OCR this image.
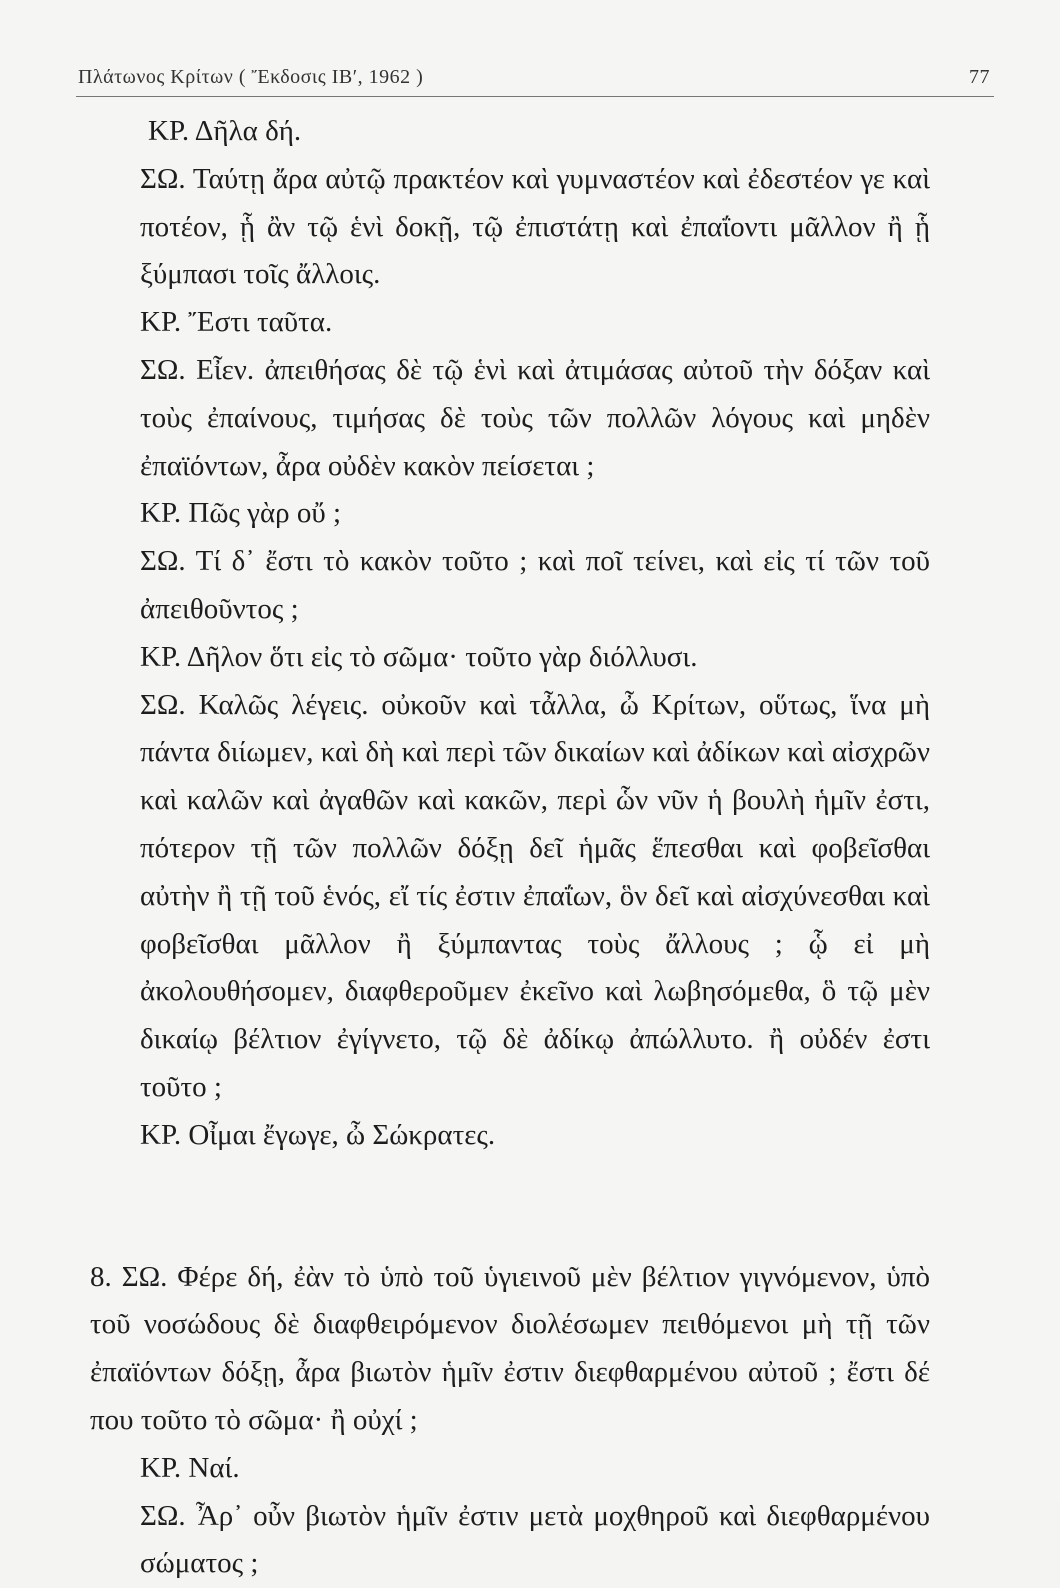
Πλάτωνος Κρίτων ( Ἔκδοσις ΙΒ′, 1962 )	77
ΚΡ. Δῆλα δή.
ΣΩ. Ταύτῃ ἄρα αὐτῷ πρακτέον καὶ γυμναστέον καὶ ἐδεστέον γε καὶ ποτέον, ᾗ ἂν τῷ ἑνὶ δοκῇ, τῷ ἐπιστάτῃ καὶ ἐπαΐοντι μᾶλλον ἢ ᾗ ξύμπασι τοῖς ἄλλοις.
ΚΡ. Ἔστι ταῦτα.
ΣΩ. Εἶεν. ἀπειθήσας δὲ τῷ ἑνὶ καὶ ἀτιμάσας αὐτοῦ τὴν δόξαν καὶ τοὺς ἐπαίνους, τιμήσας δὲ τοὺς τῶν πολλῶν λόγους καὶ μηδὲν ἐπαϊόντων, ἆρα οὐδὲν κακὸν πείσεται ;
ΚΡ. Πῶς γὰρ οὔ ;
ΣΩ. Τί δ᾽ ἔστι τὸ κακὸν τοῦτο ; καὶ ποῖ τείνει, καὶ εἰς τί τῶν τοῦ ἀπειθοῦντος ;
ΚΡ. Δῆλον ὅτι εἰς τὸ σῶμα· τοῦτο γὰρ διόλλυσι.
ΣΩ. Καλῶς λέγεις. οὐκοῦν καὶ τἆλλα, ὦ Κρίτων, οὕτως, ἵνα μὴ πάντα διίωμεν, καὶ δὴ καὶ περὶ τῶν δικαίων καὶ ἀδίκων καὶ αἰσχρῶν καὶ καλῶν καὶ ἀγαθῶν καὶ κακῶν, περὶ ὧν νῦν ἡ βουλὴ ἡμῖν ἐστι, πότερον τῇ τῶν πολλῶν δόξῃ δεῖ ἡμᾶς ἕπεσθαι καὶ φοβεῖσθαι αὐτὴν ἢ τῇ τοῦ ἑνός, εἴ τίς ἐστιν ἐπαΐων, ὃν δεῖ καὶ αἰσχύνεσθαι καὶ φοβεῖσθαι μᾶλλον ἢ ξύμπαντας τοὺς ἄλλους ; ᾧ εἰ μὴ ἀκολουθήσομεν, διαφθεροῦμεν ἐκεῖνο καὶ λωβησόμεθα, ὃ τῷ μὲν δικαίῳ βέλτιον ἐγίγνετο, τῷ δὲ ἀδίκῳ ἀπώλλυτο. ἢ οὐδέν ἐστι τοῦτο ;
ΚΡ. Οἶμαι ἔγωγε, ὦ Σώκρατες.
8. ΣΩ. Φέρε δή, ἐὰν τὸ ὑπὸ τοῦ ὑγιεινοῦ μὲν βέλτιον γιγνόμενον, ὑπὸ τοῦ νοσώδους δὲ διαφθειρόμενον διολέσωμεν πειθόμενοι μὴ τῇ τῶν ἐπαϊόντων δόξῃ, ἆρα βιωτὸν ἡμῖν ἐστιν διεφθαρμένου αὐτοῦ ; ἔστι δέ που τοῦτο τὸ σῶμα· ἢ οὐχί ;
ΚΡ. Ναί.
ΣΩ. Ἆρ᾽ οὖν βιωτὸν ἡμῖν ἐστιν μετὰ μοχθηροῦ καὶ διεφθαρμένου σώματος ;
